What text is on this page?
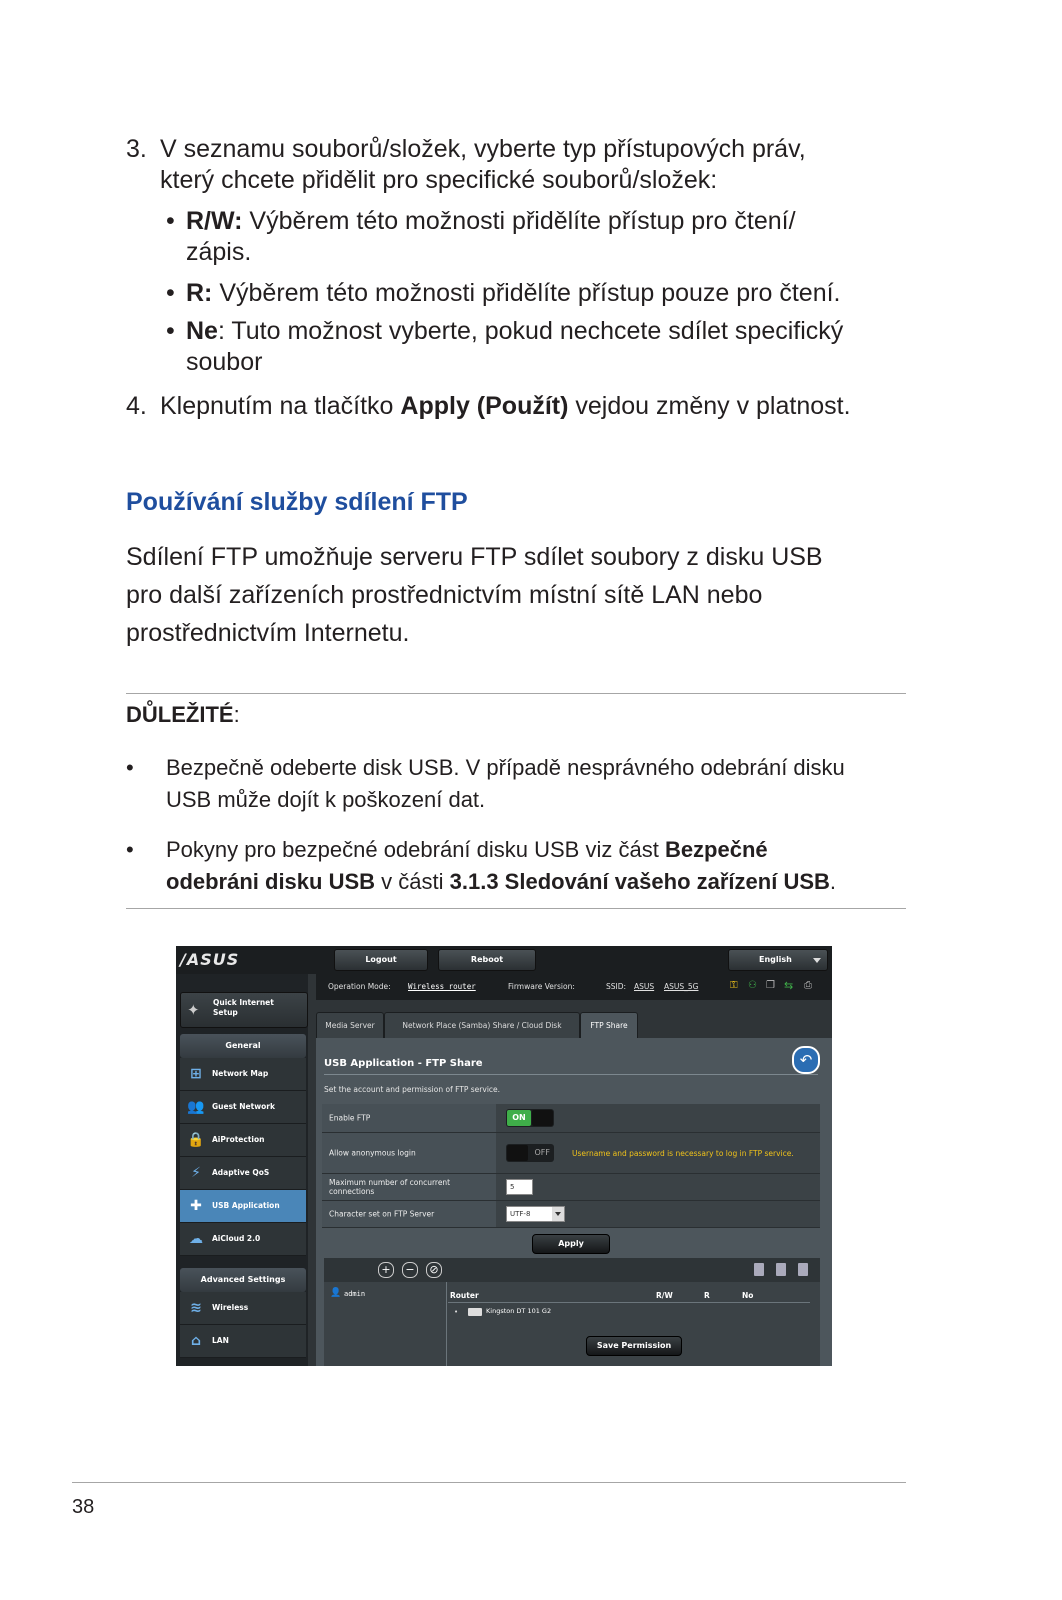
3. V seznamu souborů/složek, vyberte typ přístupových práv,
který chcete přidělit pro specifické souborů/složek:
• R/W: Výběrem této možnosti přidělíte přístup pro čtení/
zápis.
• R: Výběrem této možnosti přidělíte přístup pouze pro čtení.
• Ne: Tuto možnost vyberte, pokud nechcete sdílet specifický
soubor
4. Klepnutím na tlačítko Apply (Použít) vejdou změny v platnost.
Používání služby sdílení FTP
Sdílení FTP umožňuje serveru FTP sdílet soubory z disku USB
pro další zařízeních prostřednictvím místní sítě LAN nebo
prostřednictvím Internetu.
DŮLEŽITÉ:
• Bezpečně odeberte disk USB. V případě nesprávného odebrání disku
USB může dojít k poškození dat.
• Pokyny pro bezpečné odebrání disku USB viz část Bezpečné
odebráni disku USB v části 3.1.3 Sledování vašeho zařízení USB.
38
/ASUS	Logout	Reboot	English
Operation Mode: Wireless router	Firmware Version:	SSID: ASUS ASUS_5G	⚿ ⚇ ❐ ⇆ ⎙
✦ Quick Internet Setup
General
⊞	Network Map
👥 Guest Network
🔒 AiProtection
⚡	Adaptive QoS
✚	USB Application
☁	AiCloud 2.0
Advanced Settings
≋	Wireless
⌂	LAN
Media Server	Network Place (Samba) Share / Cloud Disk	FTP Share
USB Application - FTP Share	↶
Set the account and permission of FTP service.
Enable FTP	ON
Allow anonymous login	OFF	Username and password is necessary to log in FTP service.
Maximum number of concurrent connections	5
Character set on FTP Server	UTF-8
Apply
+	−	⊘
👤 admin	Router	R/W	R	No
•	Kingston DT 101 G2
Save Permission
